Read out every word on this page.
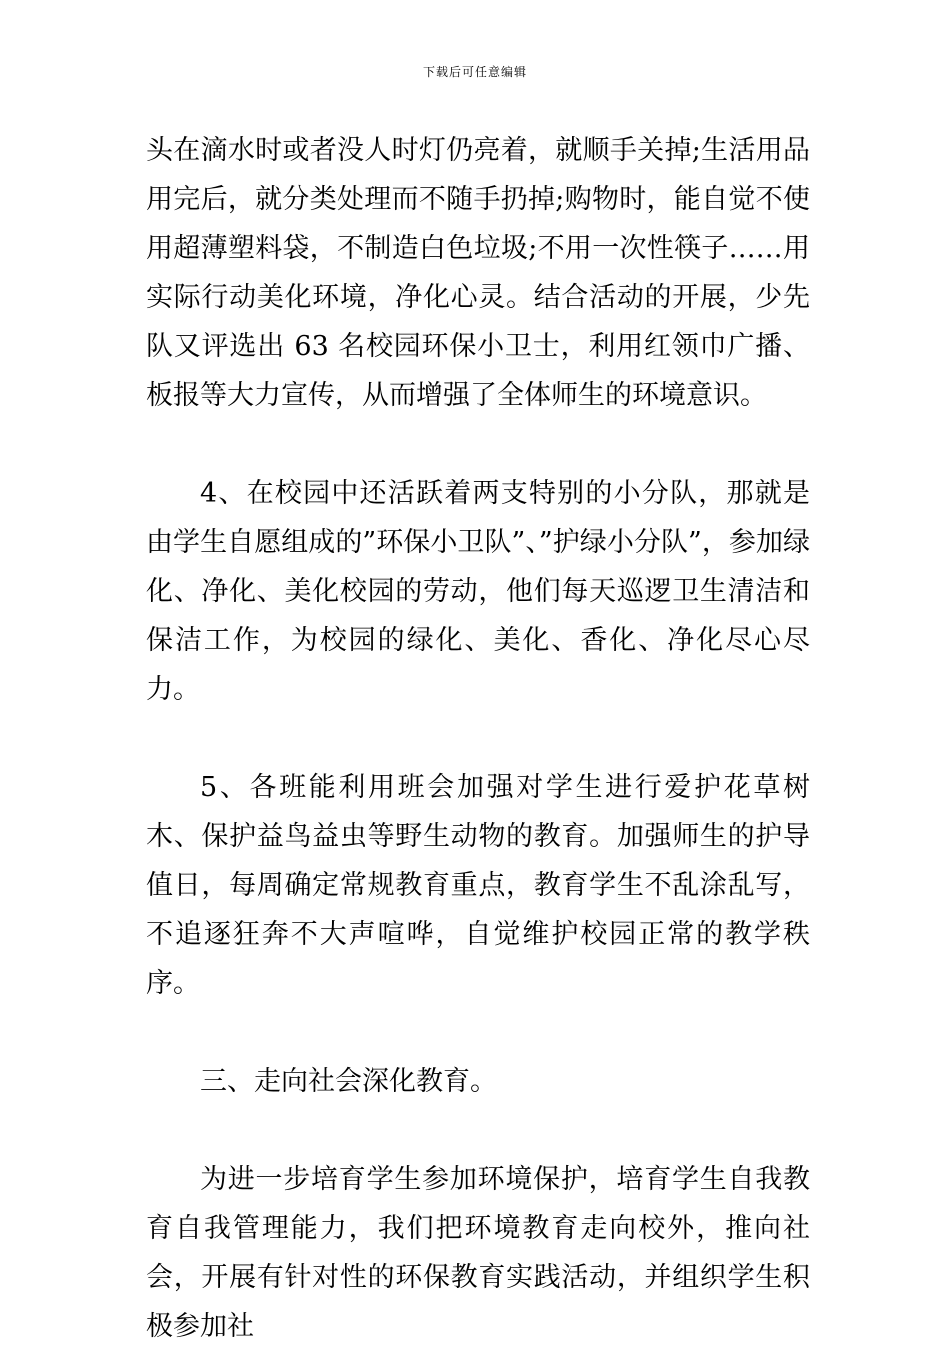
下载后可任意编辑

头在滴水时或者没人时灯仍亮着，就顺手关掉;生活用品用完后，就分类处理而不随手扔掉;购物时，能自觉不使用超薄塑料袋，不制造白色垃圾;不用一次性筷子……用实际行动美化环境，净化心灵。结合活动的开展，少先队又评选出 63 名校园环保小卫士，利用红领巾广播、板报等大力宣传，从而增强了全体师生的环境意识。

4、在校园中还活跃着两支特别的小分队，那就是由学生自愿组成的”环保小卫队”、”护绿小分队”，参加绿化、净化、美化校园的劳动，他们每天巡逻卫生清洁和保洁工作，为校园的绿化、美化、香化、净化尽心尽力。

5、各班能利用班会加强对学生进行爱护花草树木、保护益鸟益虫等野生动物的教育。加强师生的护导值日，每周确定常规教育重点，教育学生不乱涂乱写，不追逐狂奔不大声喧哗，自觉维护校园正常的教学秩序。

三、走向社会深化教育。

为进一步培育学生参加环境保护，培育学生自我教育自我管理能力，我们把环境教育走向校外，推向社会，开展有针对性的环保教育实践活动，并组织学生积极参加社
